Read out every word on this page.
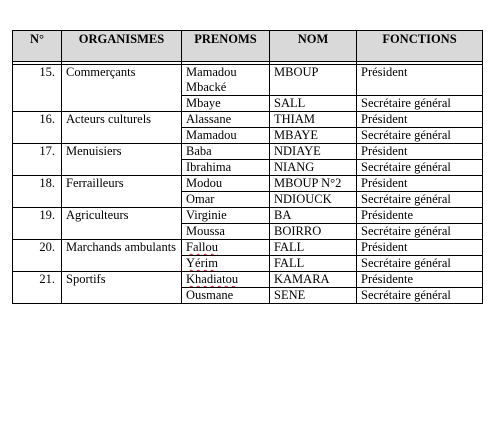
N°	ORGANISMES	PRENOMS	NOM	FONCTIONS

15.	Commerçants	Mamadou Mbacké	MBOUP	Président
		Mbaye	SALL	Secrétaire général
16.	Acteurs culturels	Alassane	THIAM	Président
		Mamadou	MBAYE	Secrétaire général
17.	Menuisiers	Baba	NDIAYE	Président
		Ibrahima	NIANG	Secrétaire général
18.	Ferrailleurs	Modou	MBOUP N°2	Président
		Omar	NDIOUCK	Secrétaire général
19.	Agriculteurs	Virginie	BA	Présidente
		Moussa	BOIRRO	Secrétaire général
20.	Marchands ambulants	Fallou	FALL	Président
		Yérim	FALL	Secrétaire général
21.	Sportifs	Khadiatou	KAMARA	Présidente
		Ousmane	SENE	Secrétaire général
